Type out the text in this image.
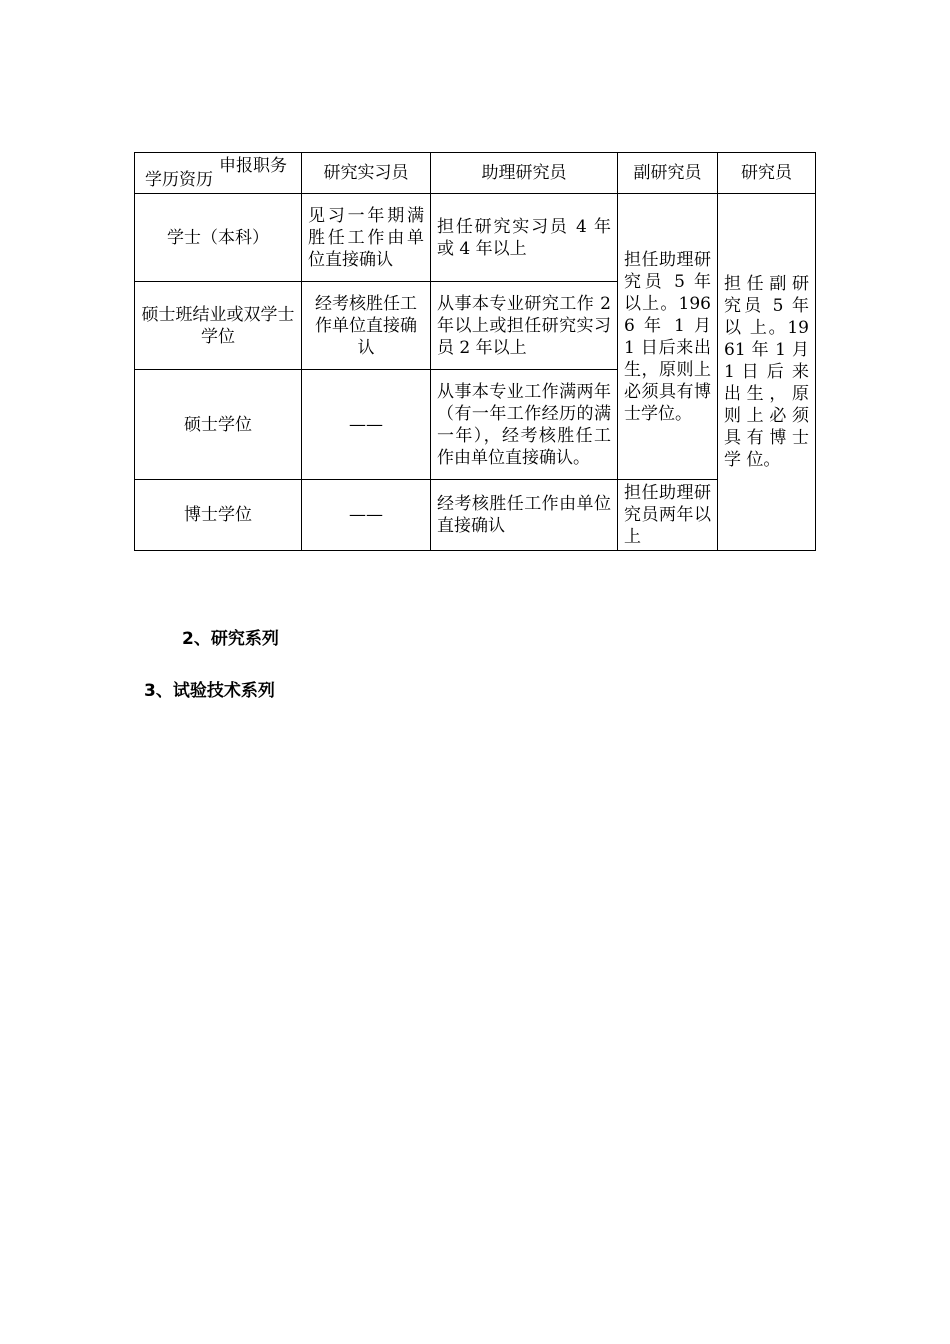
申报职务
学历资历	研究实习员	助理研究员	副研究员	研究员
学士（本科）	见习一年期满胜任工作由单位直接确认	担任研究实习员 4 年或 4 年以上	担任助理研究员 5 年以上。1966 年 1 月 1 日后来出生，原则上必须具有博士学位。	担 任 副 研究员 5 年 以 上。1961 年 1 月 1 日 后 来 出 生 ， 原 则 上 必 须 具 有 博 士 学 位。
硕士班结业或双学士学位	经考核胜任工作单位直接确认	从事本专业研究工作 2 年以上或担任研究实习员 2 年以上		
硕士学位	——	从事本专业工作满两年（有一年工作经历的满一年），经考核胜任工作由单位直接确认。		
博士学位	——	经考核胜任工作由单位直接确认	担任助理研究员两年以上	
2、研究系列
3、试验技术系列
